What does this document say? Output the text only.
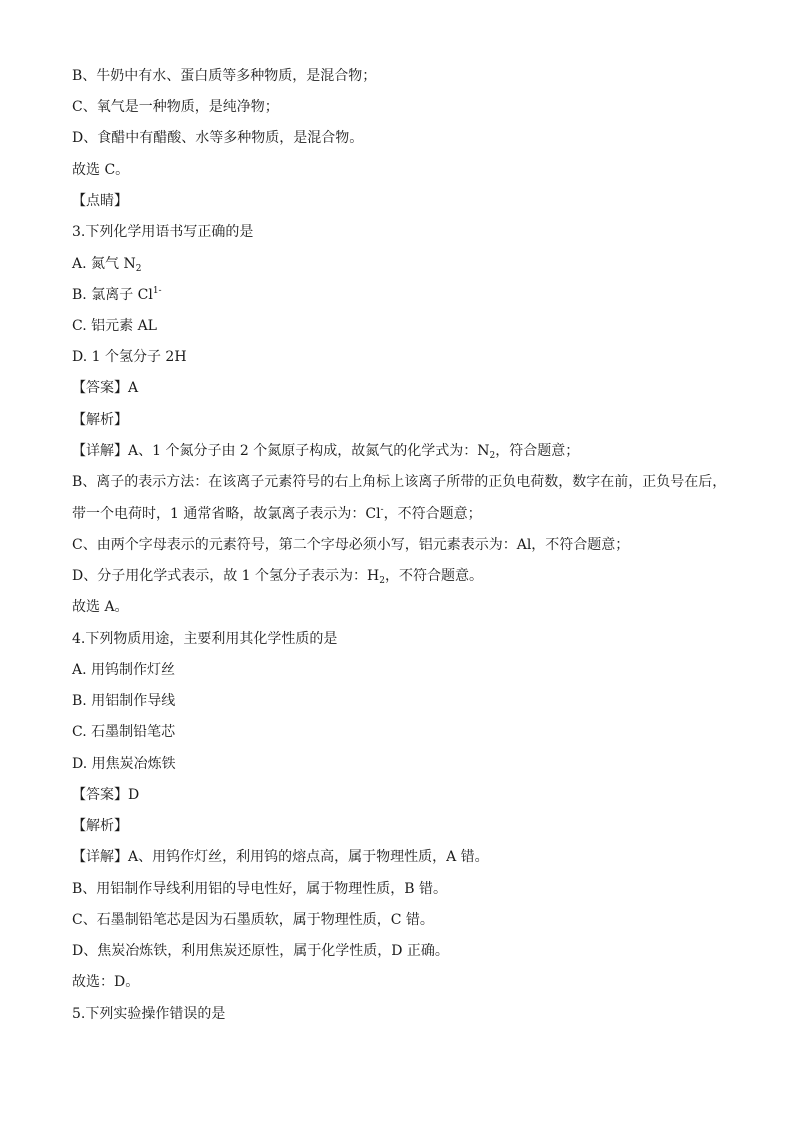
B、牛奶中有水、蛋白质等多种物质，是混合物；
C、氧气是一种物质，是纯净物；
D、食醋中有醋酸、水等多种物质，是混合物。
故选 C。
【点睛】
3.下列化学用语书写正确的是
A. 氮气 $N_2$
B. 氯离子 $Cl^{1-}$
C. 铝元素 AL
D. 1 个氢分子 2H
【答案】A
【解析】
【详解】A、1 个氮分子由 2 个氮原子构成，故氮气的化学式为：$N_2$，符合题意；
B、离子的表示方法：在该离子元素符号的右上角标上该离子所带的正负电荷数，数字在前，正负号在后，
带一个电荷时，1 通常省略，故氯离子表示为：Cl-，不符合题意；
C、由两个字母表示的元素符号，第二个字母必须小写，铝元素表示为：Al，不符合题意；
D、分子用化学式表示，故 1 个氢分子表示为：$H_2$，不符合题意。
故选 A。
4.下列物质用途，主要利用其化学性质的是
A. 用钨制作灯丝
B. 用铝制作导线
C. 石墨制铅笔芯
D. 用焦炭冶炼铁
【答案】D
【解析】
【详解】A、用钨作灯丝，利用钨的熔点高，属于物理性质，A 错。
B、用铝制作导线利用铝的导电性好，属于物理性质，B 错。
C、石墨制铅笔芯是因为石墨质软，属于物理性质，C 错。
D、焦炭冶炼铁，利用焦炭还原性，属于化学性质，D 正确。
故选：D。
5.下列实验操作错误的是
